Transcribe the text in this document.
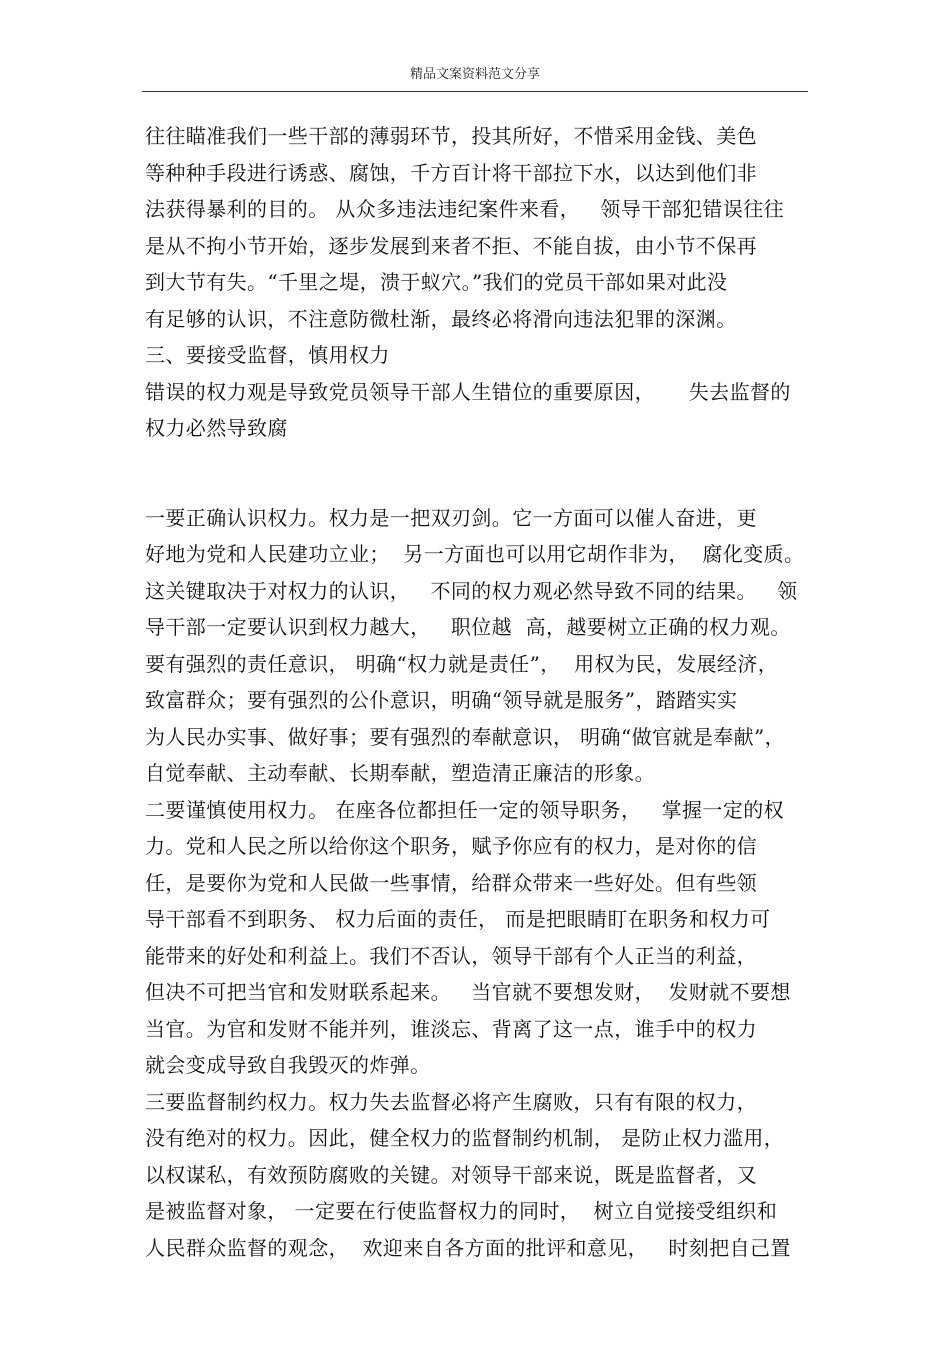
精品文案资料范文分享
往往瞄准我们一些干部的薄弱环节，投其所好，不惜采用金钱、美色
等种种手段进行诱惑、腐蚀，千方百计将干部拉下水，以达到他们非
法获得暴利的目的。 从众多违法违纪案件来看，   领导干部犯错误往往
是从不拘小节开始，逐步发展到来者不拒、不能自拔，由小节不保再
到大节有失。“千里之堤，溃于蚁穴。”我们的党员干部如果对此没
有足够的认识，不注意防微杜渐，最终必将滑向违法犯罪的深渊。
三、要接受监督，慎用权力
错误的权力观是导致党员领导干部人生错位的重要原因，     失去监督的
权力必然导致腐
一要正确认识权力。权力是一把双刃剑。它一方面可以催人奋进，更
好地为党和人民建功立业；  另一方面也可以用它胡作非为，  腐化变质。
这关键取决于对权力的认识，   不同的权力观必然导致不同的结果。   领
导干部一定要认识到权力越大，   职位越  高，越要树立正确的权力观。
要有强烈的责任意识， 明确“权力就是责任”，  用权为民，发展经济，
致富群众；要有强烈的公仆意识，明确“领导就是服务”，踏踏实实
为人民办实事、做好事；要有强烈的奉献意识， 明确“做官就是奉献”，
自觉奉献、主动奉献、长期奉献，塑造清正廉洁的形象。
二要谨慎使用权力。 在座各位都担任一定的领导职务，   掌握一定的权
力。党和人民之所以给你这个职务，赋予你应有的权力，是对你的信
任，是要你为党和人民做一些事情，给群众带来一些好处。但有些领
导干部看不到职务、 权力后面的责任， 而是把眼睛盯在职务和权力可
能带来的好处和利益上。我们不否认，领导干部有个人正当的利益，
但决不可把当官和发财联系起来。   当官就不要想发财，  发财就不要想
当官。为官和发财不能并列，谁淡忘、背离了这一点，谁手中的权力
就会变成导致自我毁灭的炸弹。
三要监督制约权力。权力失去监督必将产生腐败，只有有限的权力，
没有绝对的权力。因此，健全权力的监督制约机制， 是防止权力滥用，
以权谋私，有效预防腐败的关键。对领导干部来说，既是监督者，又
是被监督对象， 一定要在行使监督权力的同时，  树立自觉接受组织和
人民群众监督的观念，  欢迎来自各方面的批评和意见，   时刻把自己置
